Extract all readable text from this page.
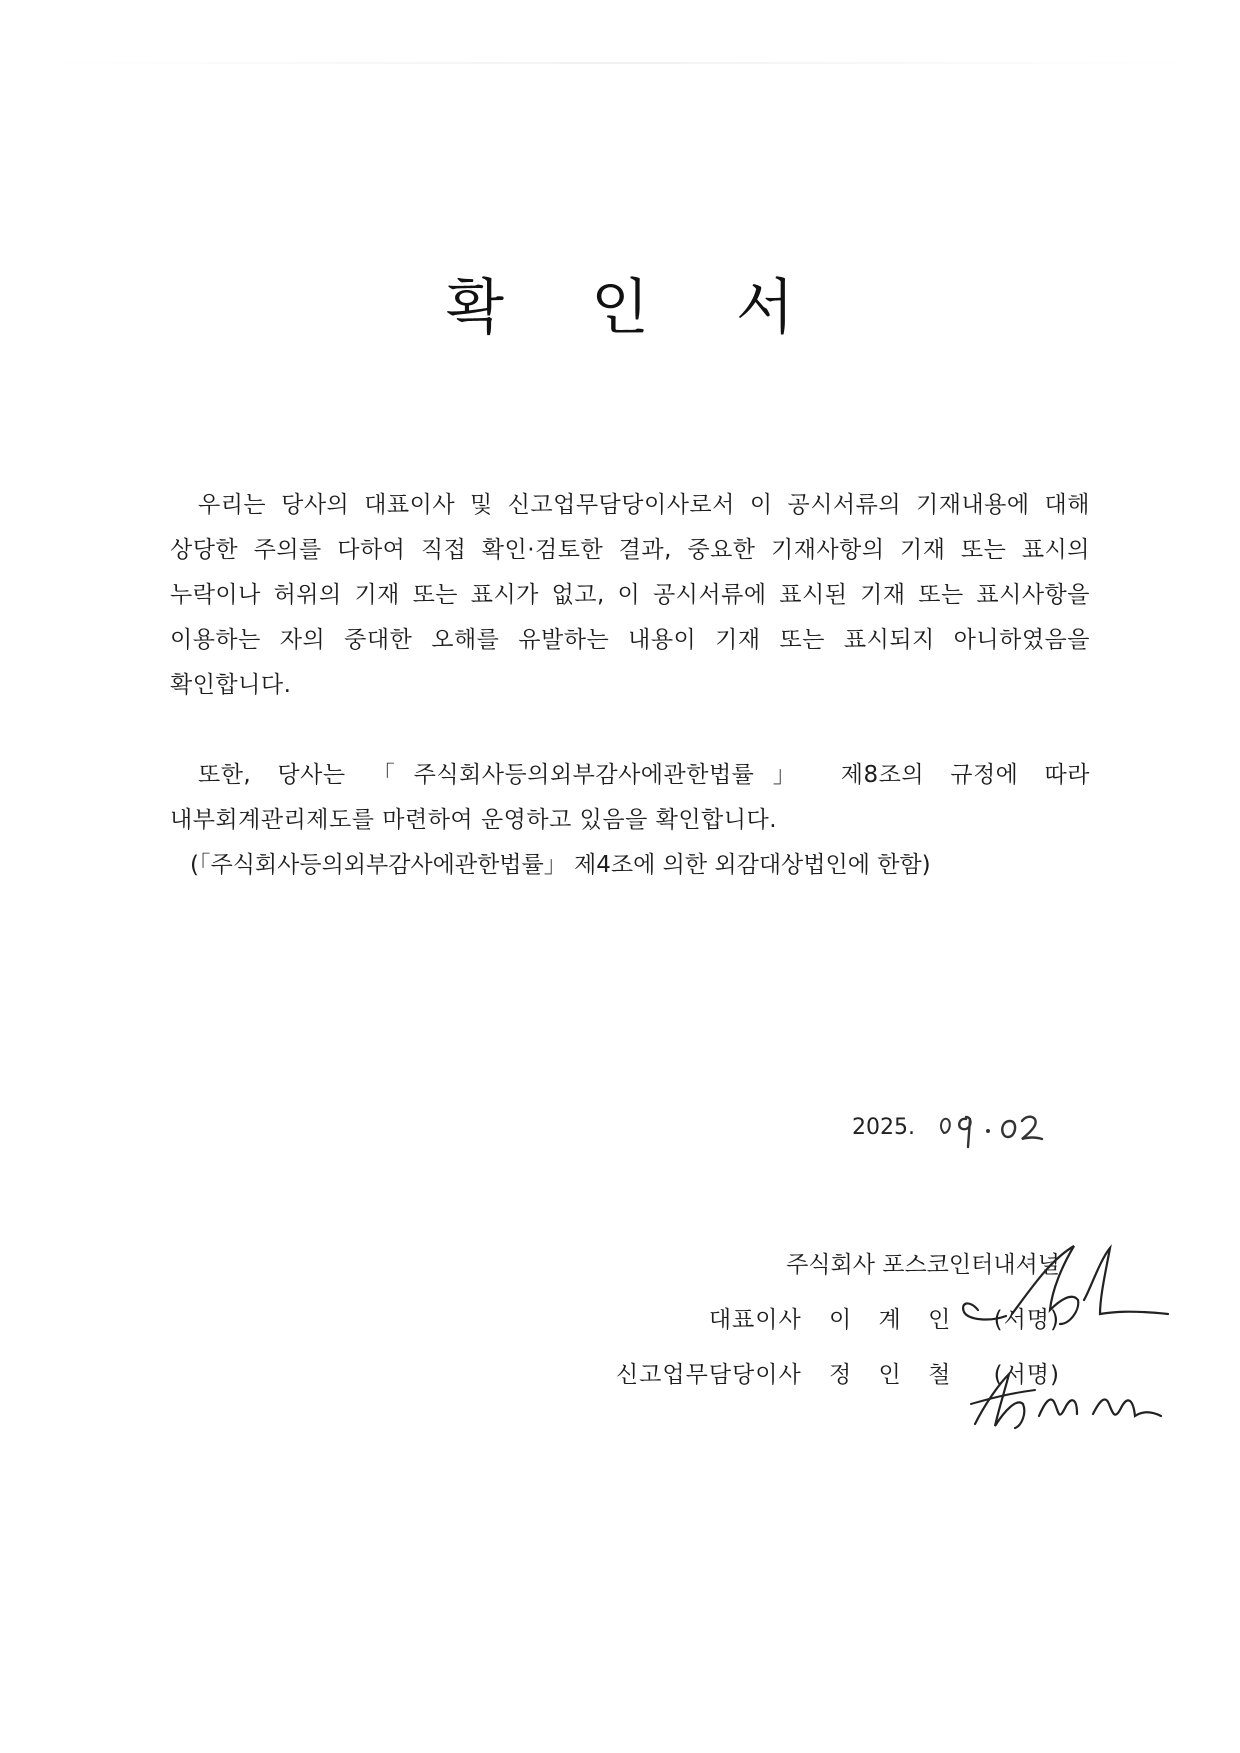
확 인 서

우리는 당사의 대표이사 및 신고업무담당이사로서 이 공시서류의 기재내용에 대해 상당한 주의를 다하여 직접 확인·검토한 결과, 중요한 기재사항의 기재 또는 표시의 누락이나 허위의 기재 또는 표시가 없고, 이 공시서류에 표시된 기재 또는 표시사항을 이용하는 자의 중대한 오해를 유발하는 내용이 기재 또는 표시되지 아니하였음을 확인합니다.

또한, 당사는 「주식회사등의외부감사에관한법률」 제8조의 규정에 따라 내부회계관리제도를 마련하여 운영하고 있음을 확인합니다.

(「주식회사등의외부감사에관한법률」 제4조에 의한 외감대상법인에 한함)

2025.
주식회사 포스코인터내셔널
대표이사 이 계 인 (서명)
신고업무담당이사 정 인 철 (서명)
